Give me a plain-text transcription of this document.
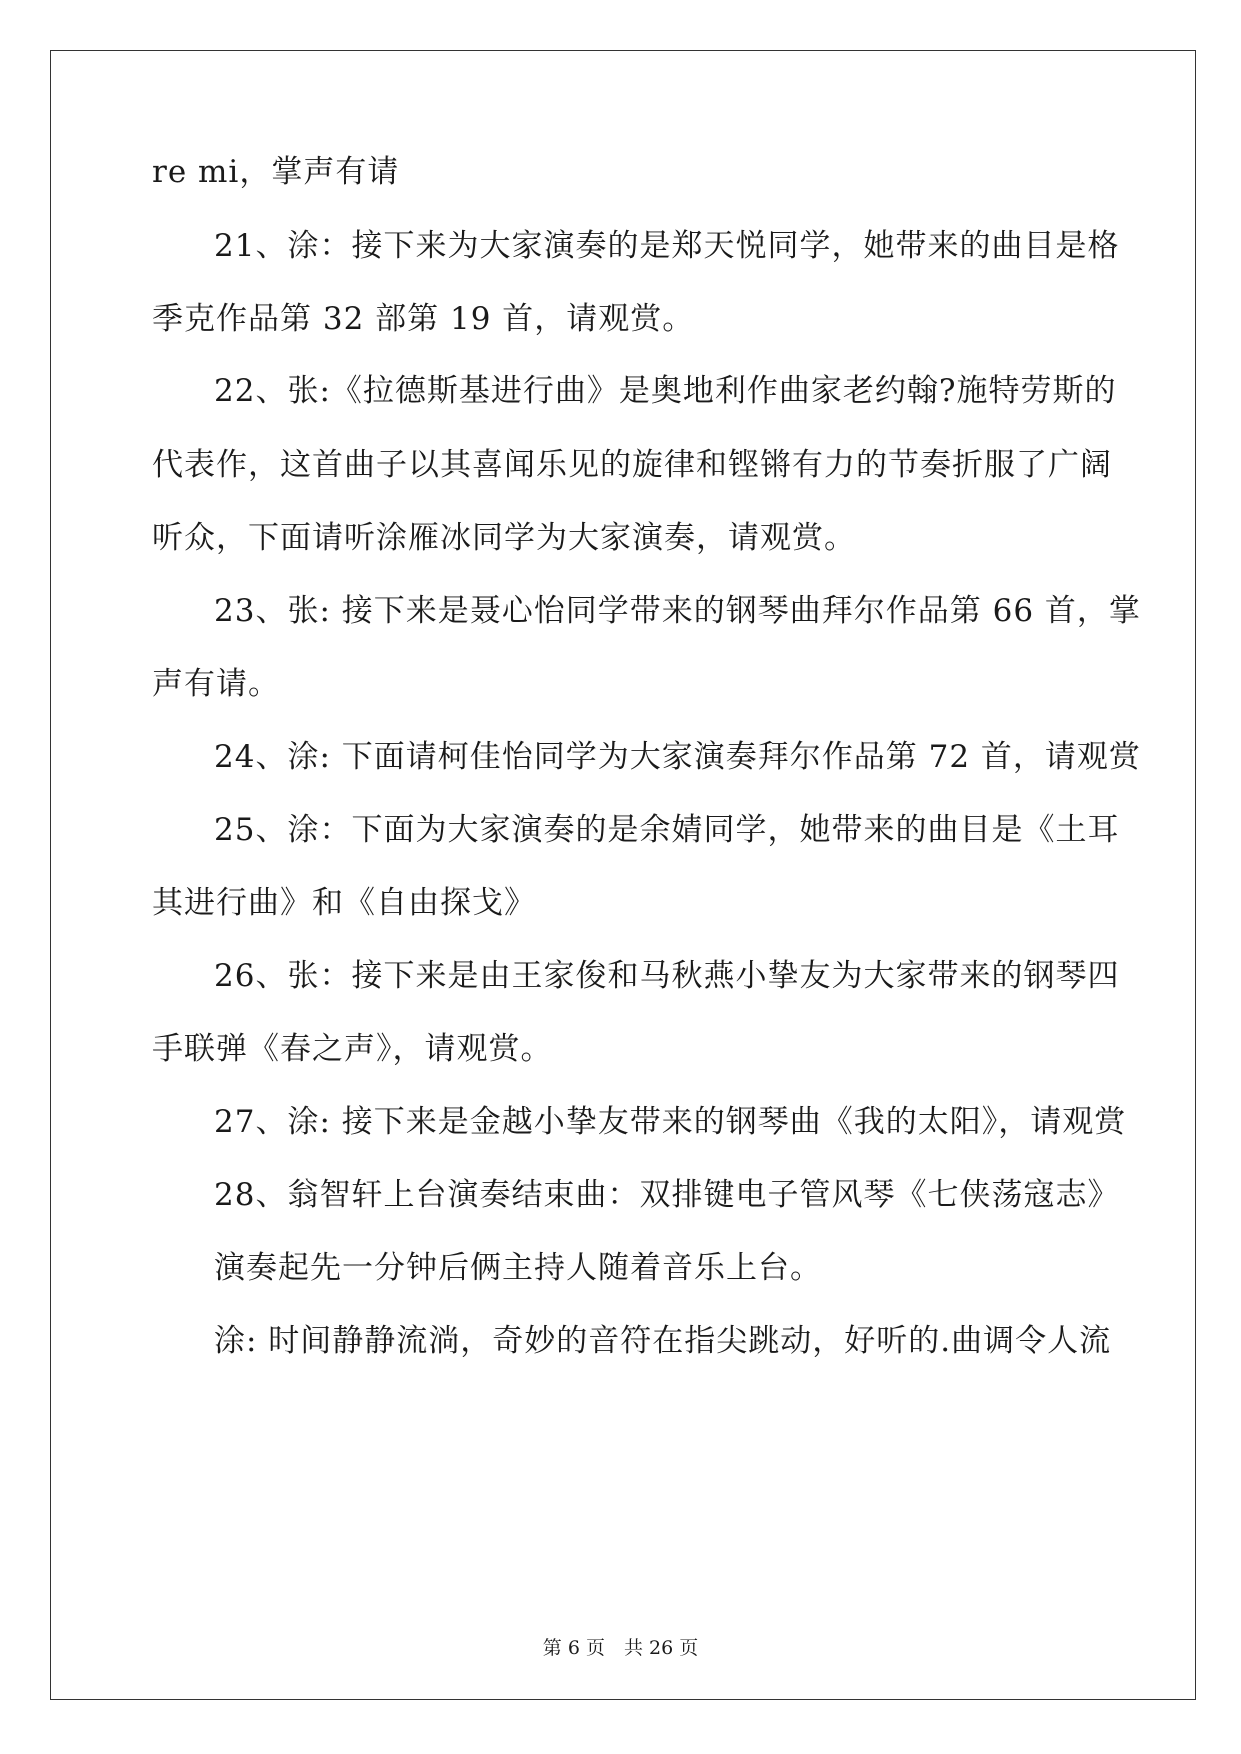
re mi，掌声有请
21、涂：接下来为大家演奏的是郑天悦同学，她带来的曲目是格
季克作品第 32 部第 19 首，请观赏。
22、张:《拉德斯基进行曲》是奥地利作曲家老约翰?施特劳斯的
代表作，这首曲子以其喜闻乐见的旋律和铿锵有力的节奏折服了广阔
听众，下面请听涂雁冰同学为大家演奏，请观赏。
23、张: 接下来是聂心怡同学带来的钢琴曲拜尔作品第 66 首，掌
声有请。
24、涂: 下面请柯佳怡同学为大家演奏拜尔作品第 72 首，请观赏
25、涂：下面为大家演奏的是余婧同学，她带来的曲目是《土耳
其进行曲》和《自由探戈》
26、张：接下来是由王家俊和马秋燕小挚友为大家带来的钢琴四
手联弹《春之声》，请观赏。
27、涂: 接下来是金越小挚友带来的钢琴曲《我的太阳》，请观赏
28、翁智轩上台演奏结束曲：双排键电子管风琴《七侠荡寇志》
演奏起先一分钟后俩主持人随着音乐上台。
涂: 时间静静流淌，奇妙的音符在指尖跳动，好听的.曲调令人流
第 6 页　共 26 页
